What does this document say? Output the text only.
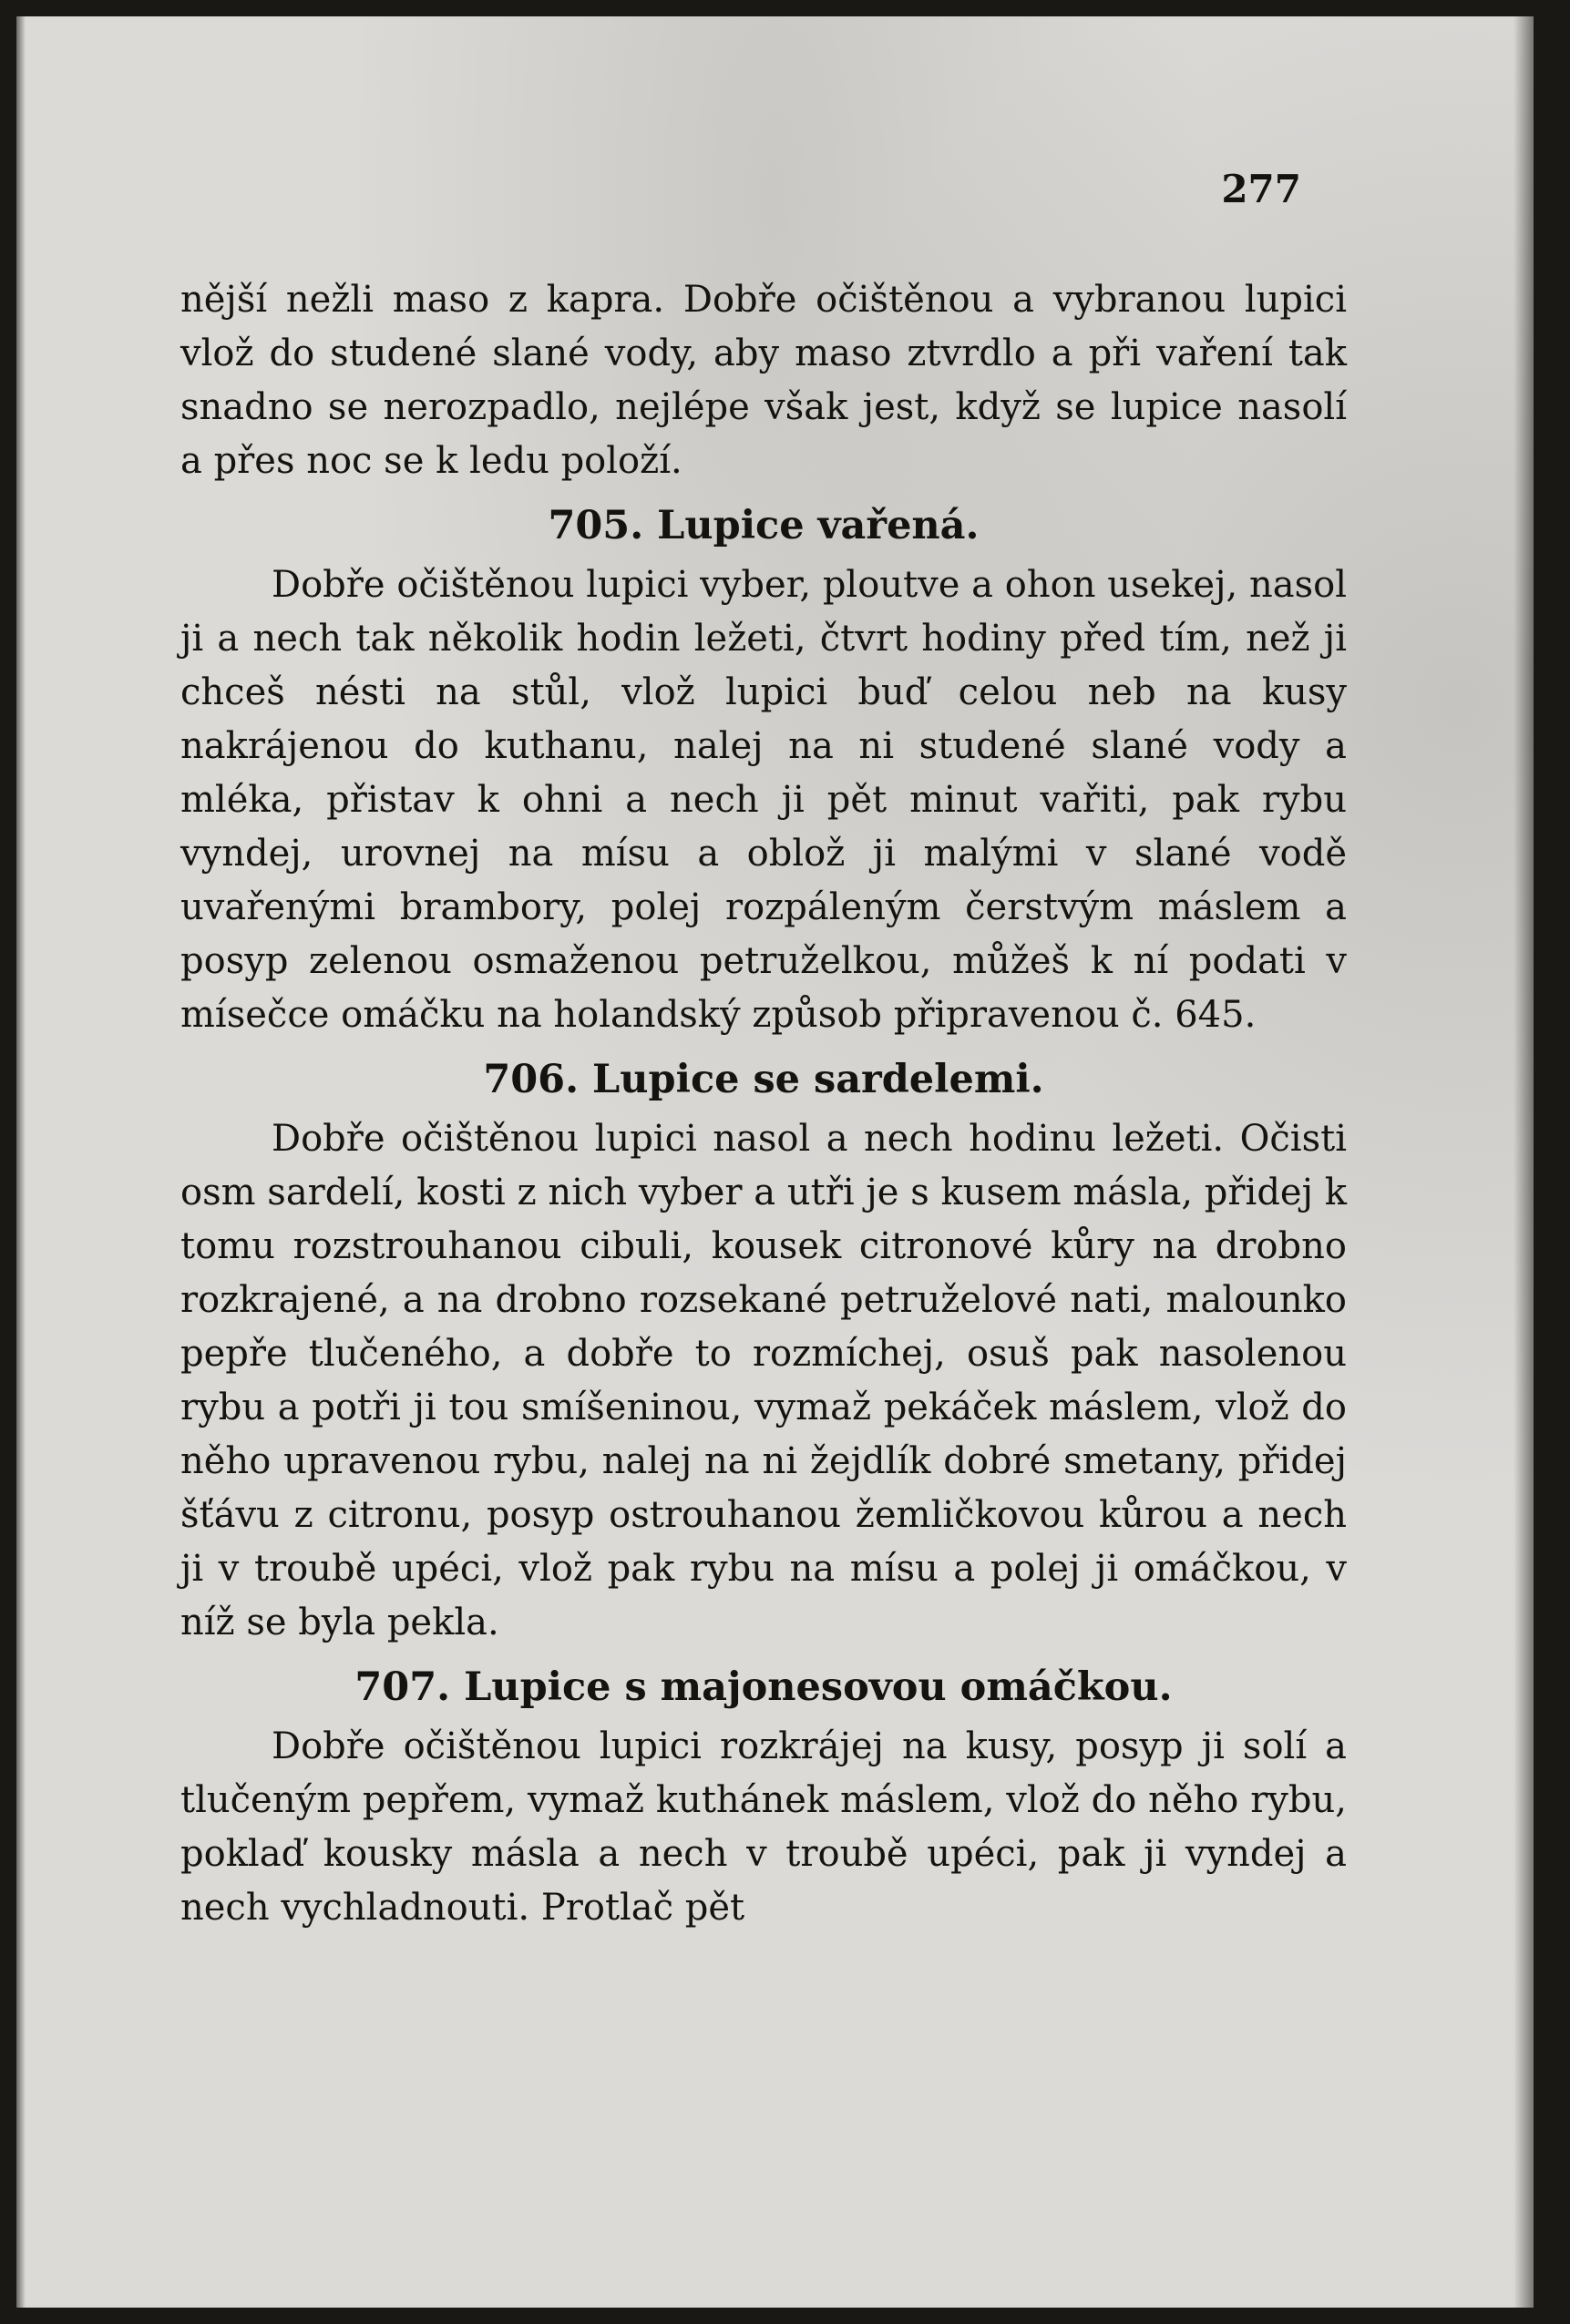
277

nější nežli maso z kapra. Dobře očištěnou a vybranou lupici vlož do studené slané vody, aby maso ztvrdlo a při vaření tak snadno se nerozpadlo, nejlépe však jest, když se lupice nasolí a přes noc se k ledu položí.

705. Lupice vařená.

Dobře očištěnou lupici vyber, ploutve a ohon usekej, nasol ji a nech tak několik hodin ležeti, čtvrt hodiny před tím, než ji chceš nésti na stůl, vlož lupici buď celou neb na kusy nakrájenou do kuthanu, nalej na ni studené slané vody a mléka, přistav k ohni a nech ji pět minut vařiti, pak rybu vyndej, urovnej na mísu a oblož ji malými v slané vodě uvařenými brambory, polej rozpáleným čerstvým máslem a posyp zelenou osmaženou petruželkou, můžeš k ní podati v mísečce omáčku na holandský způsob připravenou č. 645.

706. Lupice se sardelemi.

Dobře očištěnou lupici nasol a nech hodinu ležeti. Očisti osm sardelí, kosti z nich vyber a utři je s kusem másla, přidej k tomu rozstrouhanou cibuli, kousek citronové kůry na drobno rozkrajené, a na drobno rozsekané petruželové nati, malounko pepře tlučeného, a dobře to rozmíchej, osuš pak nasolenou rybu a potři ji tou smíšeninou, vymaž pekáček máslem, vlož do něho upravenou rybu, nalej na ni žejdlík dobré smetany, přidej šťávu z citronu, posyp ostrouhanou žemličkovou kůrou a nech ji v troubě upéci, vlož pak rybu na mísu a polej ji omáčkou, v níž se byla pekla.

707. Lupice s majonesovou omáčkou.

Dobře očištěnou lupici rozkrájej na kusy, posyp ji solí a tlučeným pepřem, vymaž kuthánek máslem, vlož do něho rybu, poklaď kousky másla a nech v troubě upéci, pak ji vyndej a nech vychladnouti. Protlač pět
